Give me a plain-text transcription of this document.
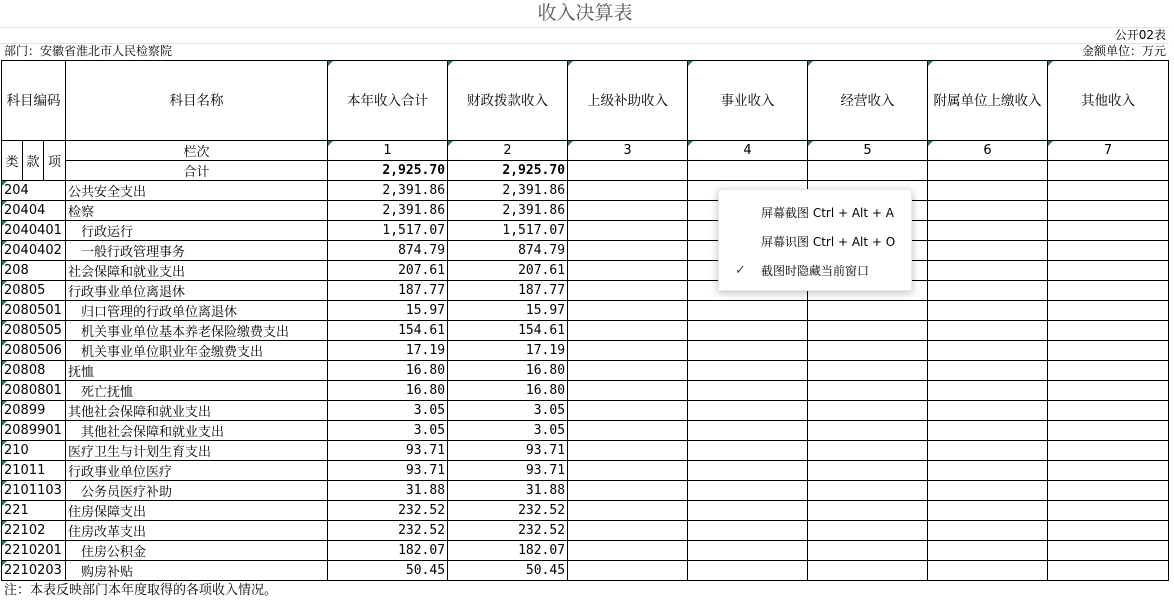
收入决算表
公开02表
部门：安徽省淮北市人民检察院	金额单位：万元
科目编码			科目名称	本年收入合计	财政拨款收入	上级补助收入	事业收入	经营收入	附属单位上缴收入	其他收入
类	款	项	栏次	1	2	3	4	5	6	7
			合计	2,925.70	2,925.70					
204			公共安全支出	2,391.86	2,391.86					
20404			检察	2,391.86	2,391.86					
2040401			　行政运行	1,517.07	1,517.07					
2040402			　一般行政管理事务	874.79	874.79					
208			社会保障和就业支出	207.61	207.61					
20805			行政事业单位离退休	187.77	187.77					
2080501			　归口管理的行政单位离退休	15.97	15.97					
2080505			　机关事业单位基本养老保险缴费支出	154.61	154.61					
2080506			　机关事业单位职业年金缴费支出	17.19	17.19					
20808			抚恤	16.80	16.80					
2080801			　死亡抚恤	16.80	16.80					
20899			其他社会保障和就业支出	3.05	3.05					
2089901			　其他社会保障和就业支出	3.05	3.05					
210			医疗卫生与计划生育支出	93.71	93.71					
21011			行政事业单位医疗	93.71	93.71					
2101103			　公务员医疗补助	31.88	31.88					
221			住房保障支出	232.52	232.52					
22102			住房改革支出	232.52	232.52					
2210201			　住房公积金	182.07	182.07					
2210203			　购房补贴	50.45	50.45					
注：本表反映部门本年度取得的各项收入情况。
屏幕截图 Ctrl + Alt + A
屏幕识图 Ctrl + Alt + O
✓ 截图时隐藏当前窗口
